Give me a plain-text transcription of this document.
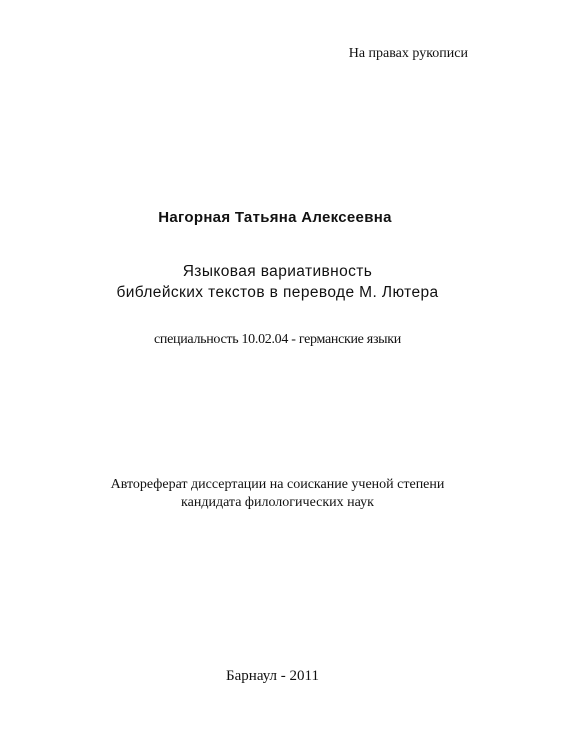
На правах рукописи
Нагорная Татьяна Алексеевна
Языковая вариативность
библейских текстов в переводе М. Лютера
специальность 10.02.04 - германские языки
Автореферат диссертации на соискание ученой степени
кандидата филологических наук
Барнаул - 2011
